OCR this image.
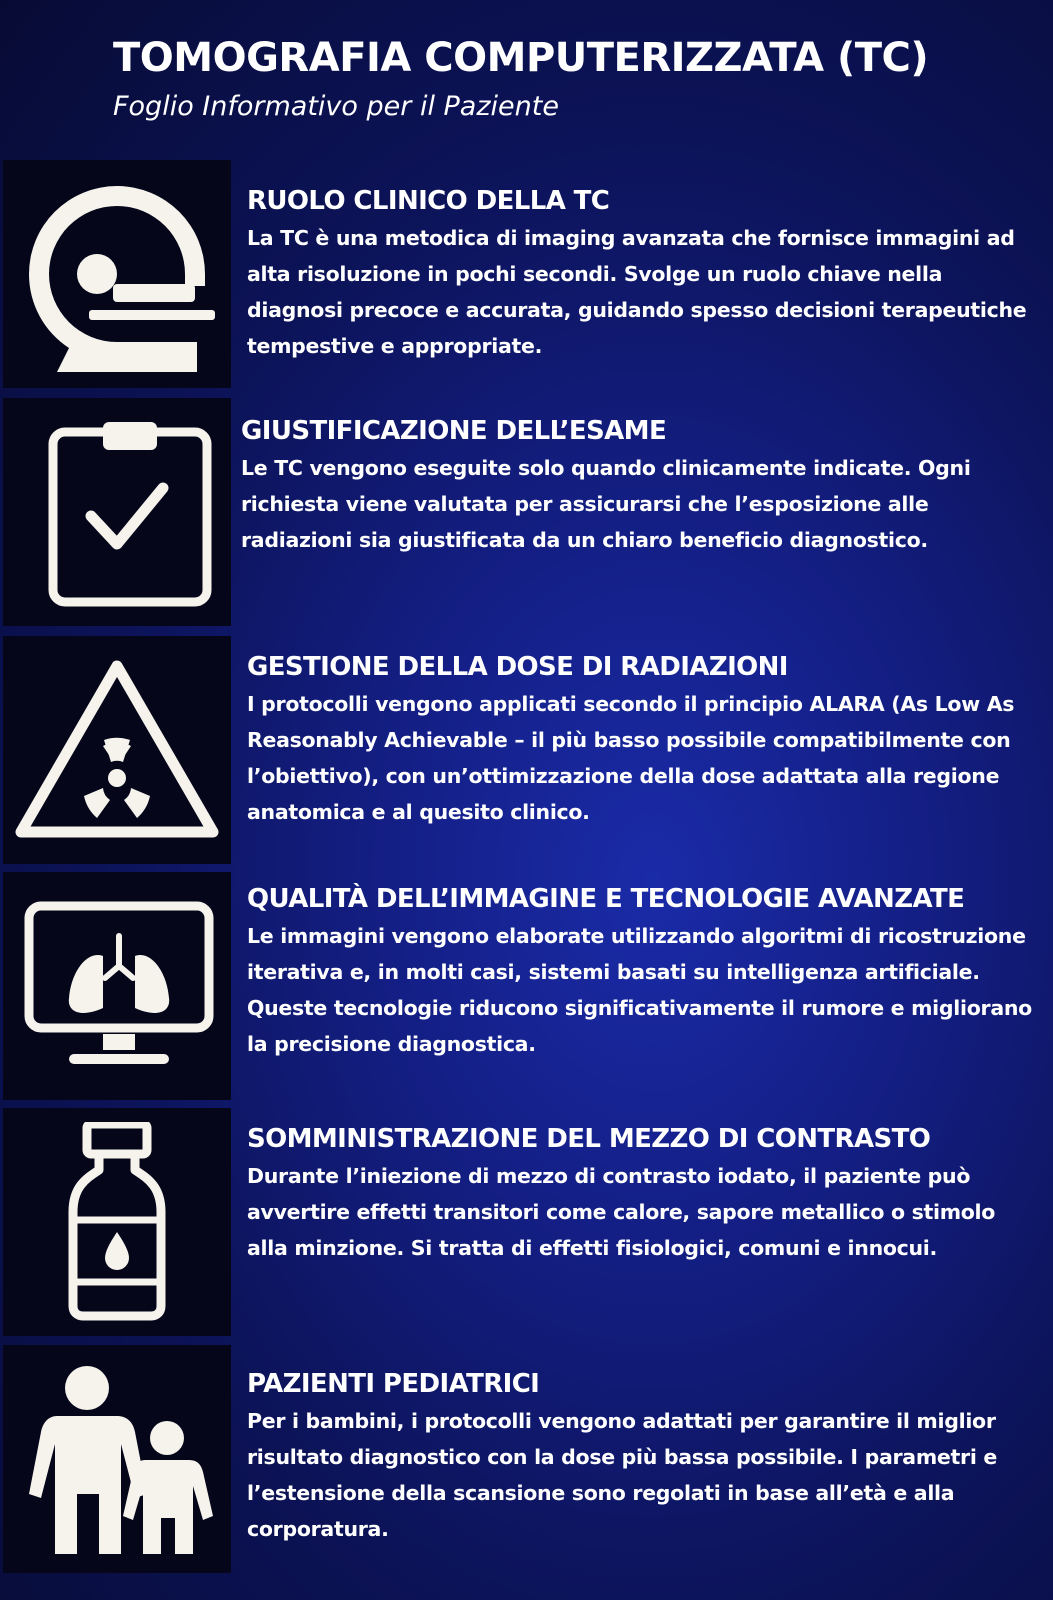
TOMOGRAFIA COMPUTERIZZATA (TC)
Foglio Informativo per il Paziente
RUOLO CLINICO DELLA TC
La TC è una metodica di imaging avanzata che fornisce immagini ad alta risoluzione in pochi secondi. Svolge un ruolo chiave nella diagnosi precoce e accurata, guidando spesso decisioni terapeutiche tempestive e appropriate.
GIUSTIFICAZIONE DELL’ESAME
Le TC vengono eseguite solo quando clinicamente indicate. Ogni richiesta viene valutata per assicurarsi che l’esposizione alle radiazioni sia giustificata da un chiaro beneficio diagnostico.
GESTIONE DELLA DOSE DI RADIAZIONI
I protocolli vengono applicati secondo il principio ALARA (As Low As Reasonably Achievable – il più basso possibile compatibilmente con l’obiettivo), con un’ottimizzazione della dose adattata alla regione anatomica e al quesito clinico.
QUALITÀ DELL’IMMAGINE E TECNOLOGIE AVANZATE
Le immagini vengono elaborate utilizzando algoritmi di ricostruzione iterativa e, in molti casi, sistemi basati su intelligenza artificiale. Queste tecnologie riducono significativamente il rumore e migliorano la precisione diagnostica.
SOMMINISTRAZIONE DEL MEZZO DI CONTRASTO
Durante l’iniezione di mezzo di contrasto iodato, il paziente può avvertire effetti transitori come calore, sapore metallico o stimolo alla minzione. Si tratta di effetti fisiologici, comuni e innocui.
PAZIENTI PEDIATRICI
Per i bambini, i protocolli vengono adattati per garantire il miglior risultato diagnostico con la dose più bassa possibile. I parametri e l’estensione della scansione sono regolati in base all’età e alla corporatura.
